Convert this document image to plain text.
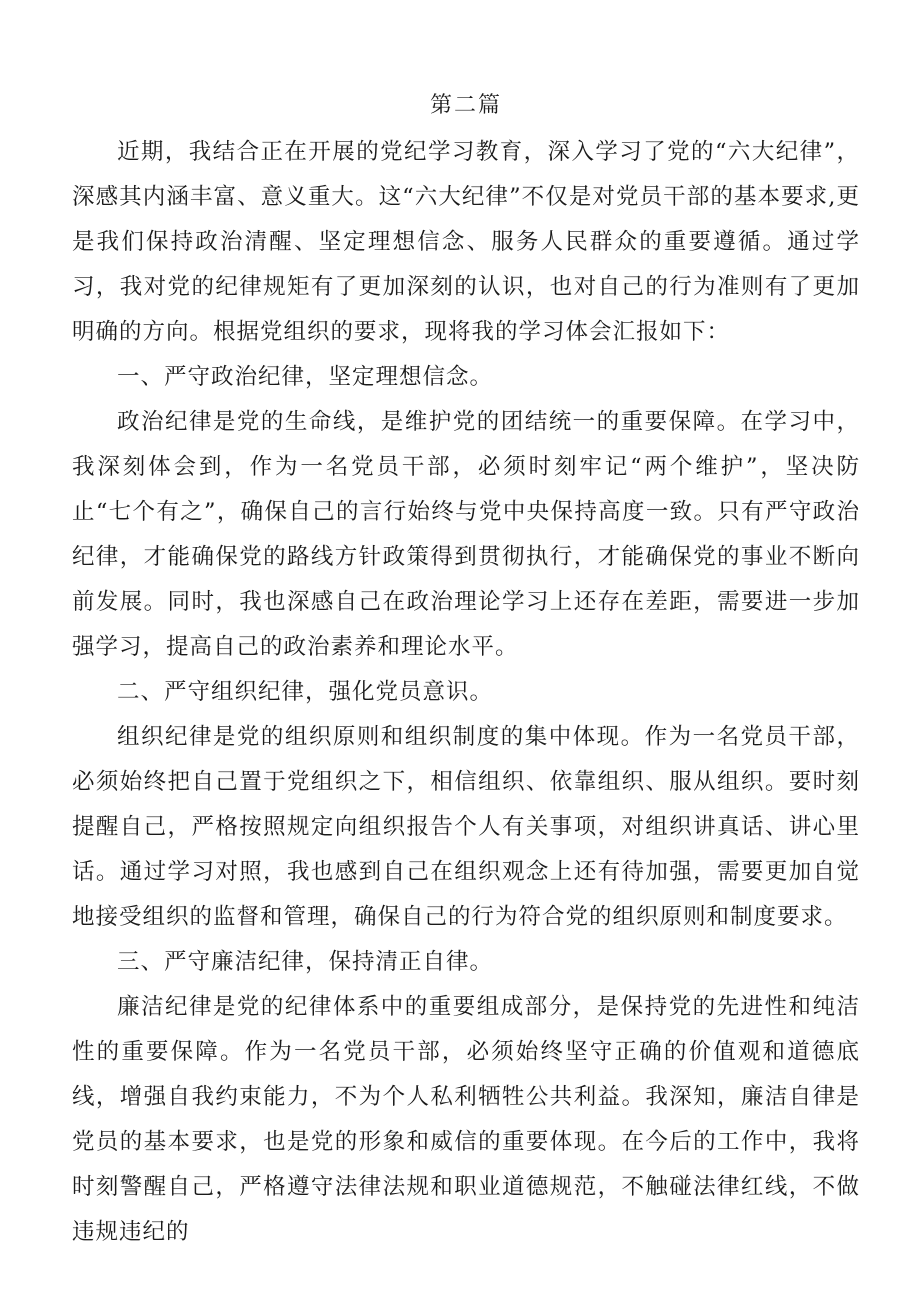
第二篇

近期，我结合正在开展的党纪学习教育，深入学习了党的“六大纪律”，深感其内涵丰富、意义重大。这“六大纪律”不仅是对党员干部的基本要求,更是我们保持政治清醒、坚定理想信念、服务人民群众的重要遵循。通过学习，我对党的纪律规矩有了更加深刻的认识，也对自己的行为准则有了更加明确的方向。根据党组织的要求，现将我的学习体会汇报如下：

一、严守政治纪律，坚定理想信念。

政治纪律是党的生命线，是维护党的团结统一的重要保障。在学习中，我深刻体会到，作为一名党员干部，必须时刻牢记“两个维护”，坚决防止“七个有之”，确保自己的言行始终与党中央保持高度一致。只有严守政治纪律，才能确保党的路线方针政策得到贯彻执行，才能确保党的事业不断向前发展。同时，我也深感自己在政治理论学习上还存在差距，需要进一步加强学习，提高自己的政治素养和理论水平。

二、严守组织纪律，强化党员意识。

组织纪律是党的组织原则和组织制度的集中体现。作为一名党员干部，必须始终把自己置于党组织之下，相信组织、依靠组织、服从组织。要时刻提醒自己，严格按照规定向组织报告个人有关事项，对组织讲真话、讲心里话。通过学习对照，我也感到自己在组织观念上还有待加强，需要更加自觉地接受组织的监督和管理，确保自己的行为符合党的组织原则和制度要求。

三、严守廉洁纪律，保持清正自律。

廉洁纪律是党的纪律体系中的重要组成部分，是保持党的先进性和纯洁性的重要保障。作为一名党员干部，必须始终坚守正确的价值观和道德底线，增强自我约束能力，不为个人私利牺牲公共利益。我深知，廉洁自律是党员的基本要求，也是党的形象和威信的重要体现。在今后的工作中，我将时刻警醒自己，严格遵守法律法规和职业道德规范，不触碰法律红线，不做违规违纪的
